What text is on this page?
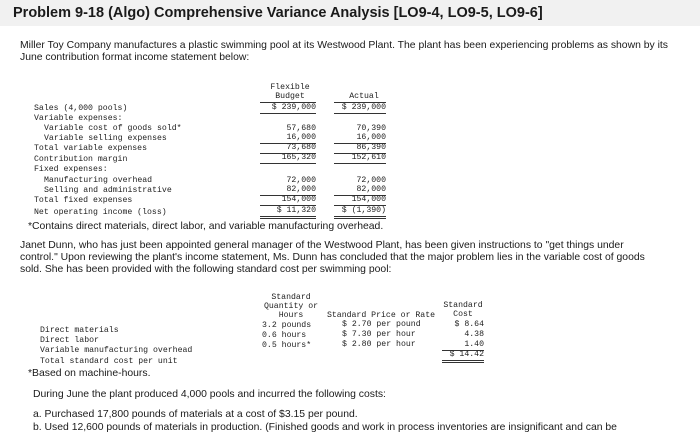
Problem 9-18 (Algo) Comprehensive Variance Analysis [LO9-4, LO9-5, LO9-6]
Miller Toy Company manufactures a plastic swimming pool at its Westwood Plant. The plant has been experiencing problems as shown by its June contribution format income statement below:
Flexible
Budget	Actual
Sales (4,000 pools)	$ 239,000	$ 239,000
Variable expenses:
Variable cost of goods sold*	57,680	70,390
Variable selling expenses	16,000	16,000
Total variable expenses	73,680	86,390
Contribution margin	165,320	152,610
Fixed expenses:
Manufacturing overhead	72,000	72,000
Selling and administrative	82,000	82,000
Total fixed expenses	154,000	154,000
Net operating income (loss)	$ 11,320	$ (1,390)
*Contains direct materials, direct labor, and variable manufacturing overhead.
Janet Dunn, who has just been appointed general manager of the Westwood Plant, has been given instructions to "get things under control." Upon reviewing the plant's income statement, Ms. Dunn has concluded that the major problem lies in the variable cost of goods sold. She has been provided with the following standard cost per swimming pool:
Standard
Quantity or
Hours	Standard Price or Rate
Standard
Cost
Direct materials
3.2 pounds	$ 2.70 per pound	$ 8.64
Direct labor
0.6 hours	$ 7.30 per hour	4.38
Variable manufacturing overhead
0.5 hours*	$ 2.80 per hour	1.40
Total standard cost per unit
$ 14.42
*Based on machine-hours.
During June the plant produced 4,000 pools and incurred the following costs:
a. Purchased 17,800 pounds of materials at a cost of $3.15 per pound.
b. Used 12,600 pounds of materials in production. (Finished goods and work in process inventories are insignificant and can be
